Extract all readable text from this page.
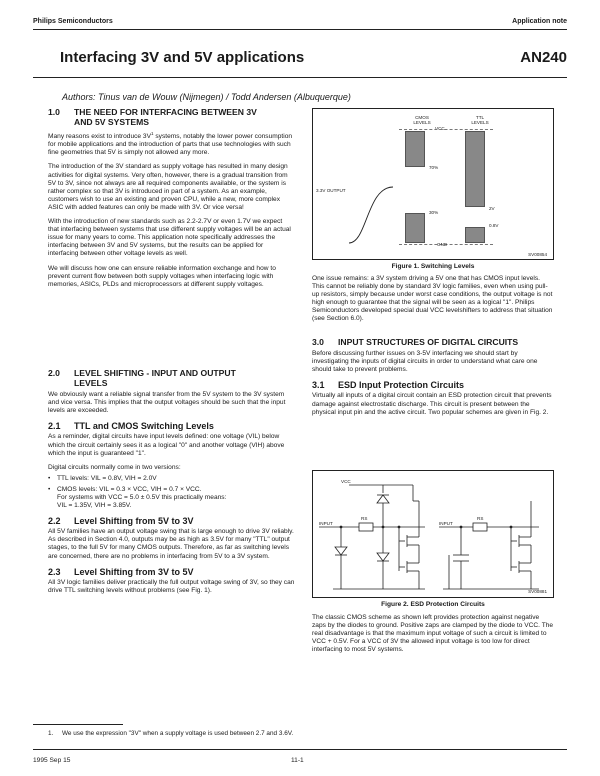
Philips Semiconductors	Application note
Interfacing 3V and 5V applications	AN240
Authors: Tinus van de Wouw (Nijmegen) / Todd Andersen (Albuquerque)
1.0 THE NEED FOR INTERFACING BETWEEN 3V
AND 5V SYSTEMS

Many reasons exist to introduce $3V^1$ systems, notably the lower power consumption for mobile applications and the introduction of parts that use technologies with such fine geometries that 5V is simply not allowed any more.

The introduction of the 3V standard as supply voltage has resulted in many design activities for digital systems. Very often, however, there is a gradual transition from 5V to 3V, since not always are all required components available, or the system is rather complex so that 3V is introduced in part of a system. As an example, customers wish to use an existing and proven CPU, while a new, more complex ASIC with added features can only be made with 3V. Or vice versa!

With the introduction of new standards such as 2.2-2.7V or even 1.7V we expect that interfacing between systems that use different supply voltages will be an actual issue for many years to come. This application note specifically addresses the interfacing between 3V and 5V systems, but the results can be applied for interfacing between other voltage levels as well.

We will discuss how one can ensure reliable information exchange and how to prevent current flow between both supply voltages when interfacing logic with memories, ASICs, PLDs and microprocessors at different supply voltages.

2.0 LEVEL SHIFTING - INPUT AND OUTPUT
LEVELS

We obviously want a reliable signal transfer from the 5V system to the 3V system and vice versa. This implies that the output voltages should be such that the input levels are exceeded.

2.1 TTL and CMOS Switching Levels

As a reminder, digital circuits have input levels defined: one voltage (VIL) below which the circuit certainly sees it as a logical "0" and another voltage (VIH) above which the input is guaranteed "1".

Digital circuits normally come in two versions:

• TTL levels: VIL = 0.8V, VIH = 2.0V
• CMOS levels: VIL = 0.3 × VCC, VIH = 0.7 × VCC.
For systems with VCC = 5.0 ± 0.5V this practically means:
VIL = 1.35V, VIH = 3.85V.
2.2 Level Shifting from 5V to 3V

All 5V families have an output voltage swing that is large enough to drive 3V reliably. As described in Section 4.0, outputs may be as high as 3.5V for many "TTL" output stages, to the full 5V for many CMOS outputs. Therefore, as far as switching levels are concerned, there are no problems in interfacing from 5V to a 3V system.

2.3 Level Shifting from 3V to 5V

All 3V logic families deliver practically the full output voltage swing of 3V, so they can drive TTL switching levels without problems (see Fig. 1).

CMOS LEVELS
TTL LEVELS
VCC
70%
3.3V OUTPUT
2V
30%
0.8V
GND
SV00854
Figure 1. Switching Levels

One issue remains: a 3V system driving a 5V one that has CMOS input levels. This cannot be reliably done by standard 3V logic families, even when using pull-up resistors, simply because under worst case conditions, the output voltage is not high enough to guarantee that the signal will be seen as a logical "1". Philips Semiconductors developed special dual VCC levelshifters to address that situation (see Section 6.0).

3.0 INPUT STRUCTURES OF DIGITAL CIRCUITS

Before discussing further issues on 3-5V interfacing we should start by investigating the inputs of digital circuits in order to understand what care one should take to prevent problems.

3.1 ESD Input Protection Circuits

Virtually all inputs of a digital circuit contain an ESD protection circuit that prevents damage against electrostatic discharge. This circuit is present between the physical input pin and the active circuit. Two popular schemes are given in Fig. 2.

VCC
INPUT
RS
INPUT
RS
SV00881
Figure 2. ESD Protection Circuits

The classic CMOS scheme as shown left provides protection against negative zaps by the diodes to ground. Positive zaps are clamped by the diode to VCC. The real disadvantage is that the maximum input voltage of such a circuit is limited to VCC + 0.5V. For a VCC of 3V the allowed input voltage is too low for direct interfacing to most 5V systems.

1. We use the expression "3V" when a supply voltage is used between 2.7 and 3.6V.
1995 Sep 15	11-1
